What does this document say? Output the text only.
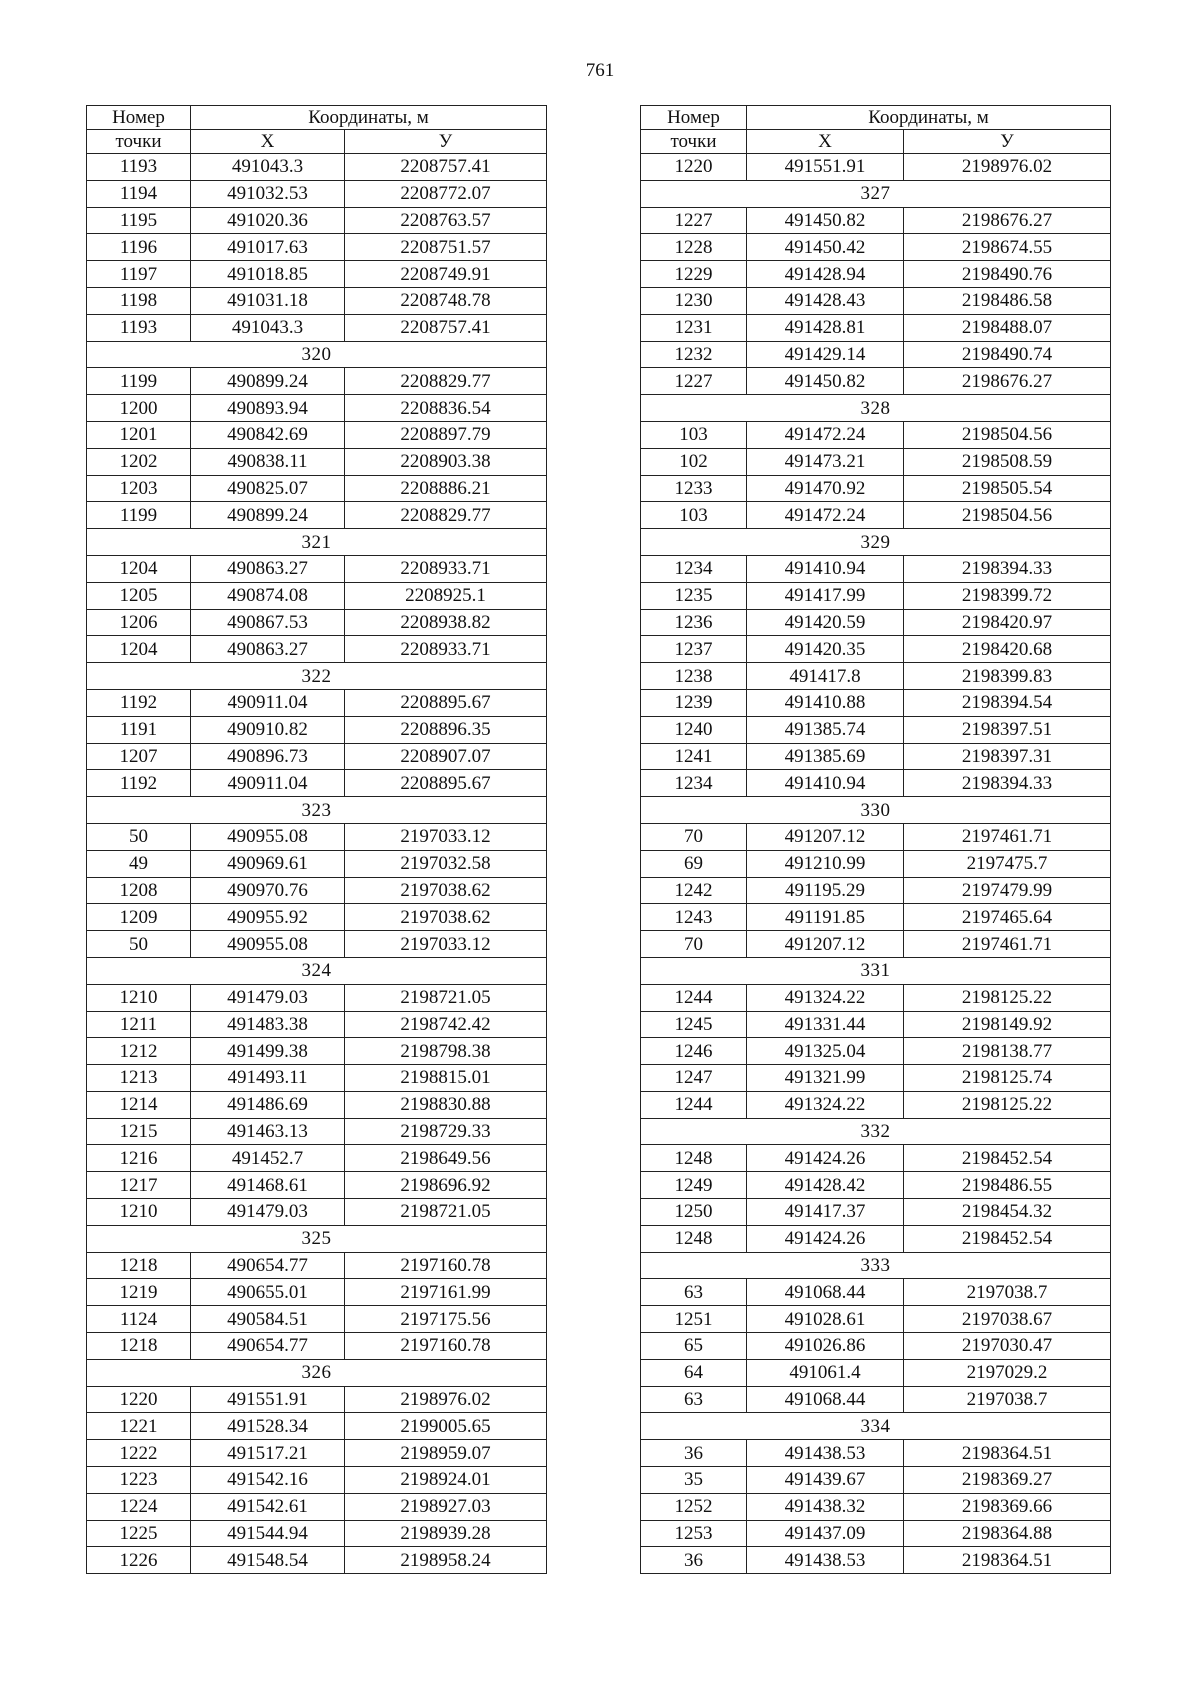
761
Номер	Координаты, м	
точки	X	У
1193	491043.3	2208757.41
1194	491032.53	2208772.07
1195	491020.36	2208763.57
1196	491017.63	2208751.57
1197	491018.85	2208749.91
1198	491031.18	2208748.78
1193	491043.3	2208757.41
320		
1199	490899.24	2208829.77
1200	490893.94	2208836.54
1201	490842.69	2208897.79
1202	490838.11	2208903.38
1203	490825.07	2208886.21
1199	490899.24	2208829.77
321		
1204	490863.27	2208933.71
1205	490874.08	2208925.1
1206	490867.53	2208938.82
1204	490863.27	2208933.71
322		
1192	490911.04	2208895.67
1191	490910.82	2208896.35
1207	490896.73	2208907.07
1192	490911.04	2208895.67
323		
50	490955.08	2197033.12
49	490969.61	2197032.58
1208	490970.76	2197038.62
1209	490955.92	2197038.62
50	490955.08	2197033.12
324		
1210	491479.03	2198721.05
1211	491483.38	2198742.42
1212	491499.38	2198798.38
1213	491493.11	2198815.01
1214	491486.69	2198830.88
1215	491463.13	2198729.33
1216	491452.7	2198649.56
1217	491468.61	2198696.92
1210	491479.03	2198721.05
325		
1218	490654.77	2197160.78
1219	490655.01	2197161.99
1124	490584.51	2197175.56
1218	490654.77	2197160.78
326		
1220	491551.91	2198976.02
1221	491528.34	2199005.65
1222	491517.21	2198959.07
1223	491542.16	2198924.01
1224	491542.61	2198927.03
1225	491544.94	2198939.28
1226	491548.54	2198958.24
Номер	Координаты, м	
точки	X	У
1220	491551.91	2198976.02
327		
1227	491450.82	2198676.27
1228	491450.42	2198674.55
1229	491428.94	2198490.76
1230	491428.43	2198486.58
1231	491428.81	2198488.07
1232	491429.14	2198490.74
1227	491450.82	2198676.27
328		
103	491472.24	2198504.56
102	491473.21	2198508.59
1233	491470.92	2198505.54
103	491472.24	2198504.56
329		
1234	491410.94	2198394.33
1235	491417.99	2198399.72
1236	491420.59	2198420.97
1237	491420.35	2198420.68
1238	491417.8	2198399.83
1239	491410.88	2198394.54
1240	491385.74	2198397.51
1241	491385.69	2198397.31
1234	491410.94	2198394.33
330		
70	491207.12	2197461.71
69	491210.99	2197475.7
1242	491195.29	2197479.99
1243	491191.85	2197465.64
70	491207.12	2197461.71
331		
1244	491324.22	2198125.22
1245	491331.44	2198149.92
1246	491325.04	2198138.77
1247	491321.99	2198125.74
1244	491324.22	2198125.22
332		
1248	491424.26	2198452.54
1249	491428.42	2198486.55
1250	491417.37	2198454.32
1248	491424.26	2198452.54
333		
63	491068.44	2197038.7
1251	491028.61	2197038.67
65	491026.86	2197030.47
64	491061.4	2197029.2
63	491068.44	2197038.7
334		
36	491438.53	2198364.51
35	491439.67	2198369.27
1252	491438.32	2198369.66
1253	491437.09	2198364.88
36	491438.53	2198364.51
